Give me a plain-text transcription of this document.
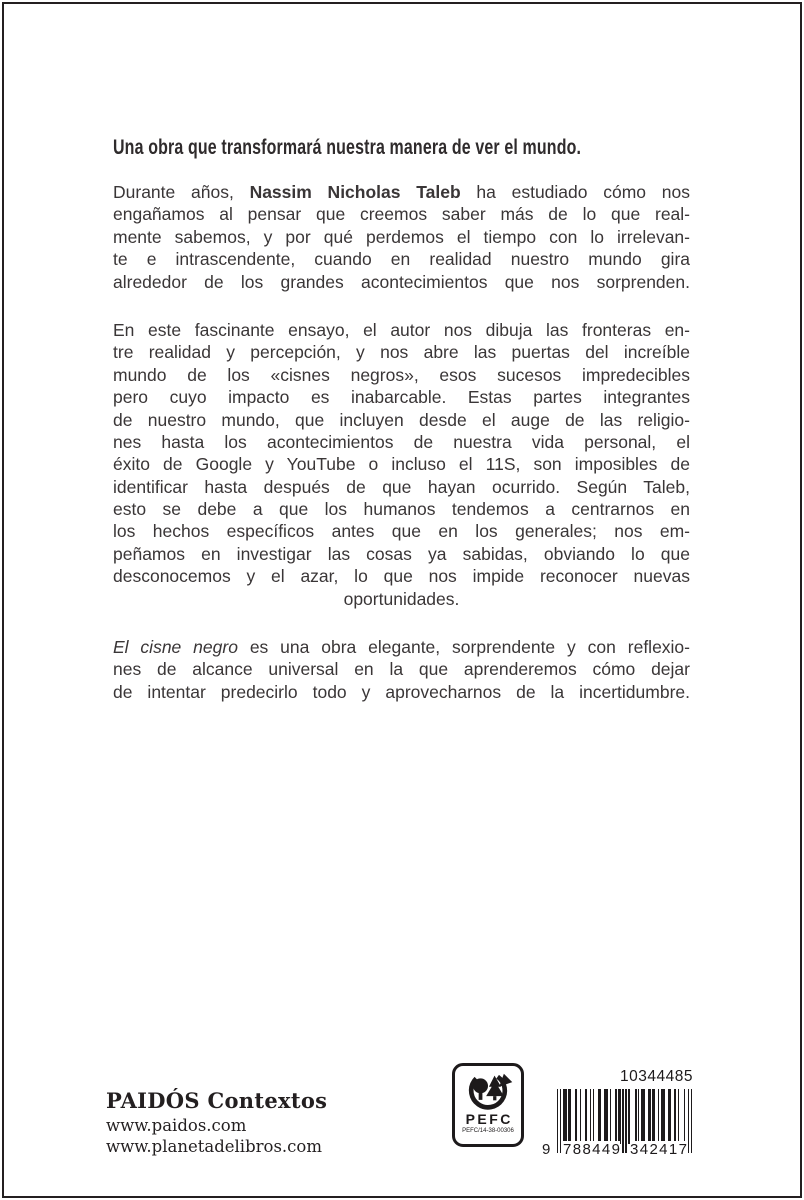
Una obra que transformará nuestra manera de ver el mundo.
Durante años, Nassim Nicholas Taleb ha estudiado cómo nos
engañamos al pensar que creemos saber más de lo que real-
mente sabemos, y por qué perdemos el tiempo con lo irrelevan-
te e intrascendente, cuando en realidad nuestro mundo gira
alrededor de los grandes acontecimientos que nos sorprenden.
En este fascinante ensayo, el autor nos dibuja las fronteras en-
tre realidad y percepción, y nos abre las puertas del increíble
mundo de los «cisnes negros», esos sucesos impredecibles
pero cuyo impacto es inabarcable. Estas partes integrantes
de nuestro mundo, que incluyen desde el auge de las religio-
nes hasta los acontecimientos de nuestra vida personal, el
éxito de Google y YouTube o incluso el 11S, son imposibles de
identificar hasta después de que hayan ocurrido. Según Taleb,
esto se debe a que los humanos tendemos a centrarnos en
los hechos específicos antes que en los generales; nos em-
peñamos en investigar las cosas ya sabidas, obviando lo que
desconocemos y el azar, lo que nos impide reconocer nuevas
oportunidades.
El cisne negro es una obra elegante, sorprendente y con reflexio-
nes de alcance universal en la que aprenderemos cómo dejar
de intentar predecirlo todo y aprovecharnos de la incertidumbre.
PAIDÓS Contextos
www.paidos.com
www.planetadelibros.com
PEFC
PEFC/14-38-00306
10344485
9 7 8 8 4 4 9 3 4 2 4 1 7
